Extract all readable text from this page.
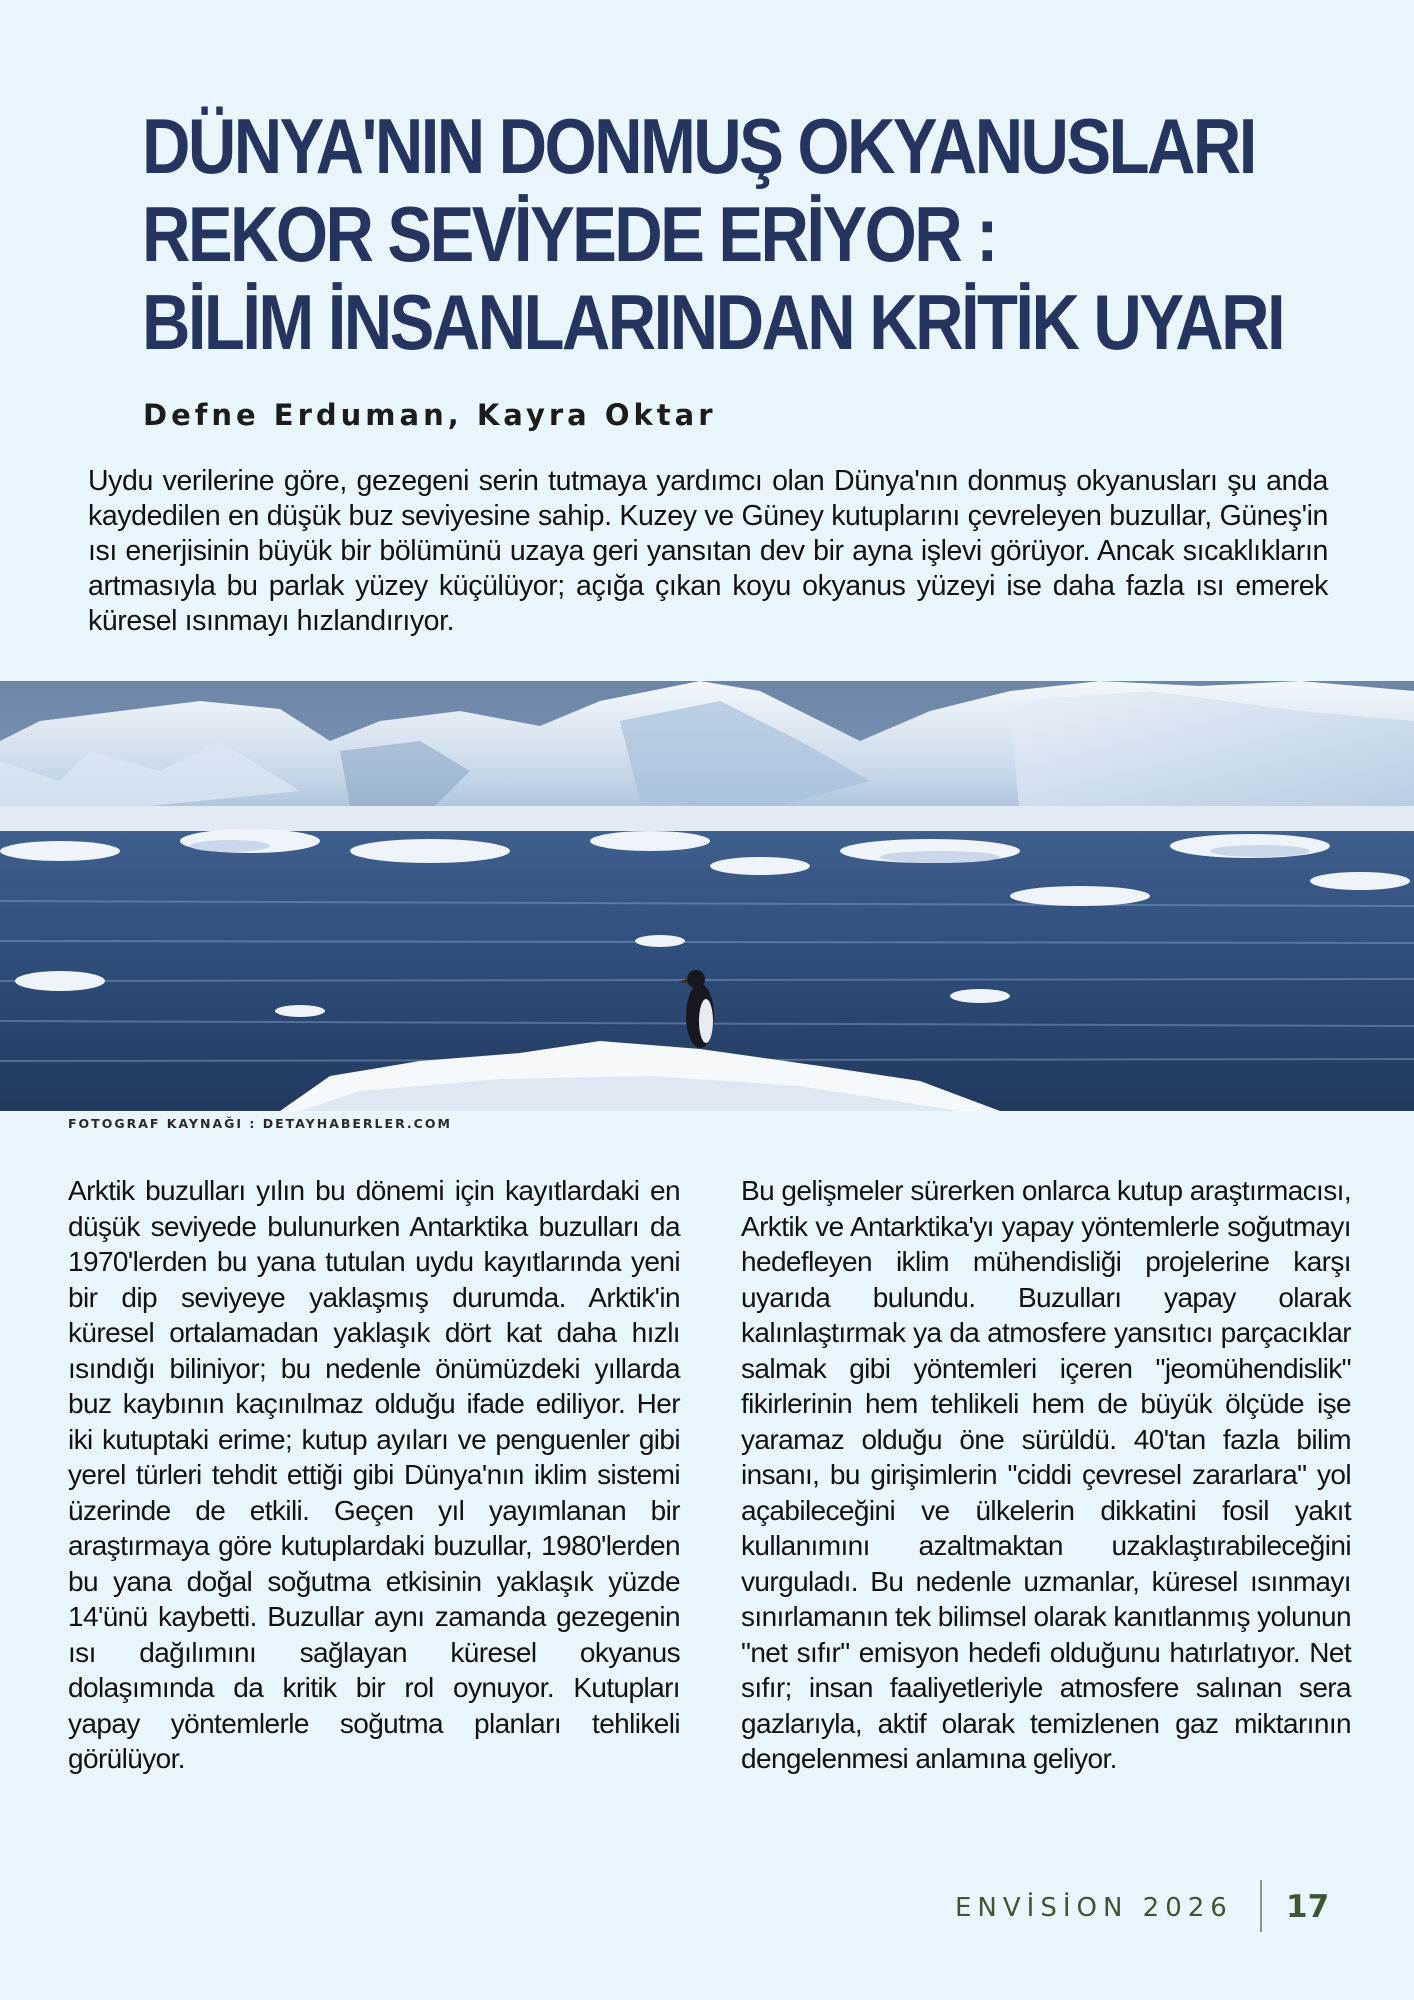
DÜNYA'NIN DONMUŞ OKYANUSLARI
REKOR SEVİYEDE ERİYOR :
BİLİM İNSANLARINDAN KRİTİK UYARI
Defne Erduman, Kayra Oktar

Uydu verilerine göre, gezegeni serin tutmaya yardımcı olan Dünya'nın donmuş okyanusları şu anda kaydedilen en düşük buz seviyesine sahip. Kuzey ve Güney kutuplarını çevreleyen buzullar, Güneş'in ısı enerjisinin büyük bir bölümünü uzaya geri yansıtan dev bir ayna işlevi görüyor. Ancak sıcaklıkların artmasıyla bu parlak yüzey küçülüyor; açığa çıkan koyu okyanus yüzeyi ise daha fazla ısı emerek küresel ısınmayı hızlandırıyor.

FOTOGRAF KAYNAĞI : DETAYHABERLER.COM

Arktik buzulları yılın bu dönemi için kayıtlardaki en düşük seviyede bulunurken Antarktika buzulları da 1970'lerden bu yana tutulan uydu kayıtlarında yeni bir dip seviyeye yaklaşmış durumda. Arktik'in küresel ortalamadan yaklaşık dört kat daha hızlı ısındığı biliniyor; bu nedenle önümüzdeki yıllarda buz kaybının kaçınılmaz olduğu ifade ediliyor. Her iki kutuptaki erime; kutup ayıları ve penguenler gibi yerel türleri tehdit ettiği gibi Dünya'nın iklim sistemi üzerinde de etkili. Geçen yıl yayımlanan bir araştırmaya göre kutuplardaki buzullar, 1980'lerden bu yana doğal soğutma etkisinin yaklaşık yüzde 14'ünü kaybetti. Buzullar aynı zamanda gezegenin ısı dağılımını sağlayan küresel okyanus dolaşımında da kritik bir rol oynuyor. Kutupları yapay yöntemlerle soğutma planları tehlikeli görülüyor.

Bu gelişmeler sürerken onlarca kutup araştırmacısı, Arktik ve Antarktika'yı yapay yöntemlerle soğutmayı hedefleyen iklim mühendisliği projelerine karşı uyarıda bulundu. Buzulları yapay olarak kalınlaştırmak ya da atmosfere yansıtıcı parçacıklar salmak gibi yöntemleri içeren "jeomühendislik" fikirlerinin hem tehlikeli hem de büyük ölçüde işe yaramaz olduğu öne sürüldü. 40'tan fazla bilim insanı, bu girişimlerin "ciddi çevresel zararlara" yol açabileceğini ve ülkelerin dikkatini fosil yakıt kullanımını azaltmaktan uzaklaştırabileceğini vurguladı. Bu nedenle uzmanlar, küresel ısınmayı sınırlamanın tek bilimsel olarak kanıtlanmış yolunun "net sıfır" emisyon hedefi olduğunu hatırlatıyor. Net sıfır; insan faaliyetleriyle atmosfere salınan sera gazlarıyla, aktif olarak temizlenen gaz miktarının dengelenmesi anlamına geliyor.

ENVİSİON 2026 17
